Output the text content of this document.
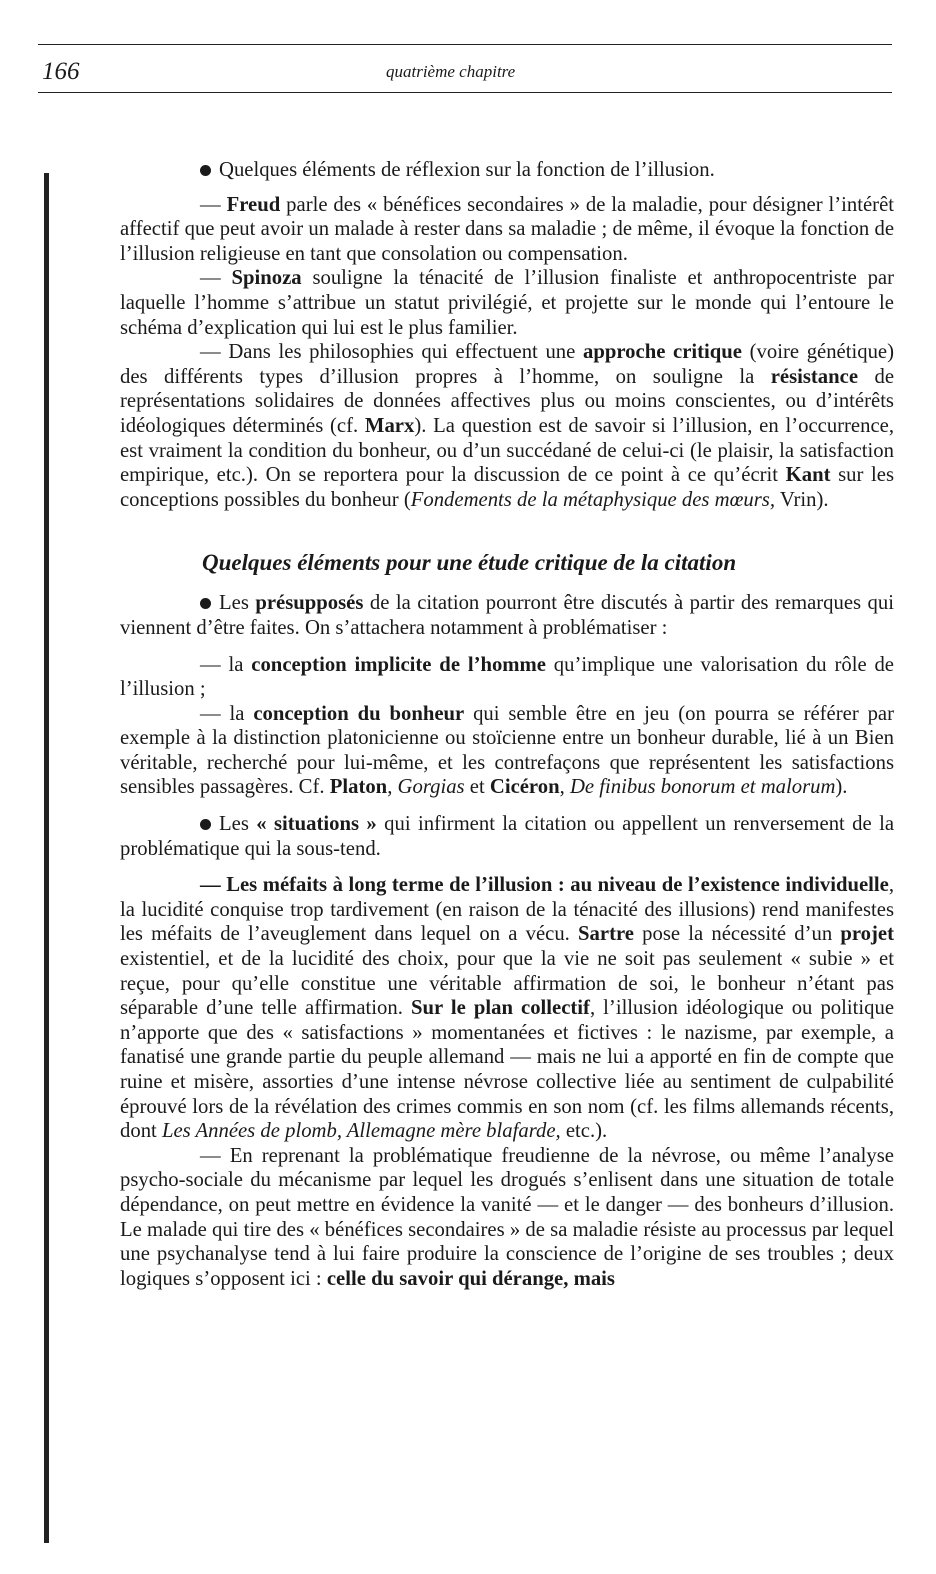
166	quatrième chapitre

Quelques éléments de réflexion sur la fonction de l’illusion.

— Freud parle des « bénéfices secondaires » de la maladie, pour désigner l’intérêt affectif que peut avoir un malade à rester dans sa maladie ; de même, il évoque la fonction de l’illusion religieuse en tant que consolation ou compensation.

— Spinoza souligne la ténacité de l’illusion finaliste et anthropocentriste par laquelle l’homme s’attribue un statut privilégié, et projette sur le monde qui l’entoure le schéma d’explication qui lui est le plus familier.

— Dans les philosophies qui effectuent une approche critique (voire génétique) des différents types d’illusion propres à l’homme, on souligne la résistance de représentations solidaires de données affectives plus ou moins conscientes, ou d’intérêts idéologiques déterminés (cf. Marx). La question est de savoir si l’illusion, en l’occurrence, est vraiment la condition du bonheur, ou d’un succédané de celui-ci (le plaisir, la satisfaction empirique, etc.). On se reportera pour la discussion de ce point à ce qu’écrit Kant sur les conceptions possibles du bonheur (Fondements de la métaphysique des mœurs, Vrin).

Quelques éléments pour une étude critique de la citation

Les présupposés de la citation pourront être discutés à partir des remarques qui viennent d’être faites. On s’attachera notamment à problématiser :

— la conception implicite de l’homme qu’implique une valorisation du rôle de l’illusion ;

— la conception du bonheur qui semble être en jeu (on pourra se référer par exemple à la distinction platonicienne ou stoïcienne entre un bonheur durable, lié à un Bien véritable, recherché pour lui-même, et les contrefaçons que représentent les satisfactions sensibles passagères. Cf. Platon, Gorgias et Cicéron, De finibus bonorum et malorum).

Les « situations » qui infirment la citation ou appellent un renversement de la problématique qui la sous-tend.

— Les méfaits à long terme de l’illusion : au niveau de l’existence individuelle, la lucidité conquise trop tardivement (en raison de la ténacité des illusions) rend manifestes les méfaits de l’aveuglement dans lequel on a vécu. Sartre pose la nécessité d’un projet existentiel, et de la lucidité des choix, pour que la vie ne soit pas seulement « subie » et reçue, pour qu’elle constitue une véritable affirmation de soi, le bonheur n’étant pas séparable d’une telle affirmation. Sur le plan collectif, l’illusion idéologique ou politique n’apporte que des « satisfactions » momentanées et fictives : le nazisme, par exemple, a fanatisé une grande partie du peuple allemand — mais ne lui a apporté en fin de compte que ruine et misère, assorties d’une intense névrose collective liée au sentiment de culpabilité éprouvé lors de la révélation des crimes commis en son nom (cf. les films allemands récents, dont Les Années de plomb, Allemagne mère blafarde, etc.).

— En reprenant la problématique freudienne de la névrose, ou même l’analyse psycho-sociale du mécanisme par lequel les drogués s’enlisent dans une situation de totale dépendance, on peut mettre en évidence la vanité — et le danger — des bonheurs d’illusion. Le malade qui tire des « bénéfices secondaires » de sa maladie résiste au processus par lequel une psychanalyse tend à lui faire produire la conscience de l’origine de ses troubles ; deux logiques s’opposent ici : celle du savoir qui dérange, mais
